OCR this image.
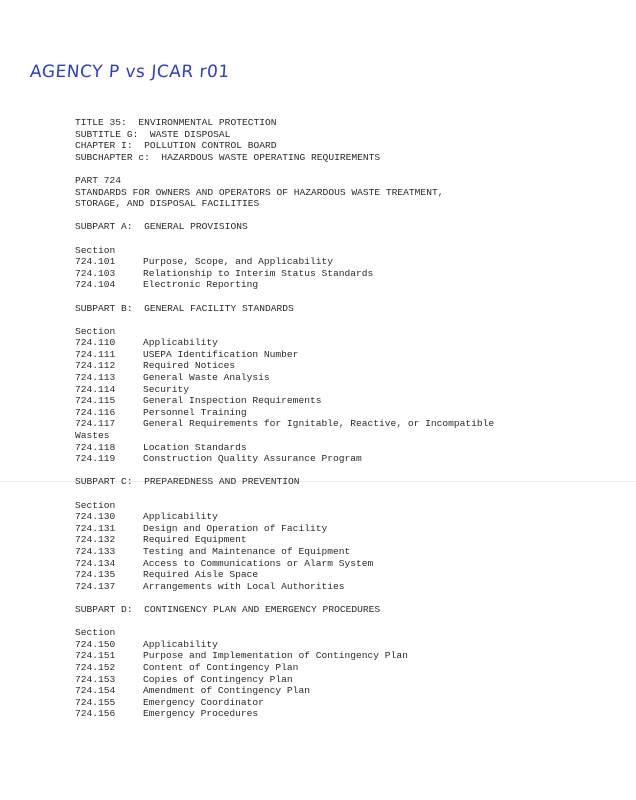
AGENCY P vs JCAR r01
TITLE 35:  ENVIRONMENTAL PROTECTION
SUBTITLE G:  WASTE DISPOSAL
CHAPTER I:  POLLUTION CONTROL BOARD
SUBCHAPTER c:  HAZARDOUS WASTE OPERATING REQUIREMENTS
PART 724
STANDARDS FOR OWNERS AND OPERATORS OF HAZARDOUS WASTE TREATMENT,
STORAGE, AND DISPOSAL FACILITIES
SUBPART A:  GENERAL PROVISIONS
Section
724.101	Purpose, Scope, and Applicability
724.103	Relationship to Interim Status Standards
724.104	Electronic Reporting
SUBPART B:  GENERAL FACILITY STANDARDS
Section
724.110	Applicability
724.111	USEPA Identification Number
724.112	Required Notices
724.113	General Waste Analysis
724.114	Security
724.115	General Inspection Requirements
724.116	Personnel Training
724.117	General Requirements for Ignitable, Reactive, or Incompatible
Wastes
724.118	Location Standards
724.119	Construction Quality Assurance Program
SUBPART C:  PREPAREDNESS AND PREVENTION
Section
724.130	Applicability
724.131	Design and Operation of Facility
724.132	Required Equipment
724.133	Testing and Maintenance of Equipment
724.134	Access to Communications or Alarm System
724.135	Required Aisle Space
724.137	Arrangements with Local Authorities
SUBPART D:  CONTINGENCY PLAN AND EMERGENCY PROCEDURES
Section
724.150	Applicability
724.151	Purpose and Implementation of Contingency Plan
724.152	Content of Contingency Plan
724.153	Copies of Contingency Plan
724.154	Amendment of Contingency Plan
724.155	Emergency Coordinator
724.156	Emergency Procedures
